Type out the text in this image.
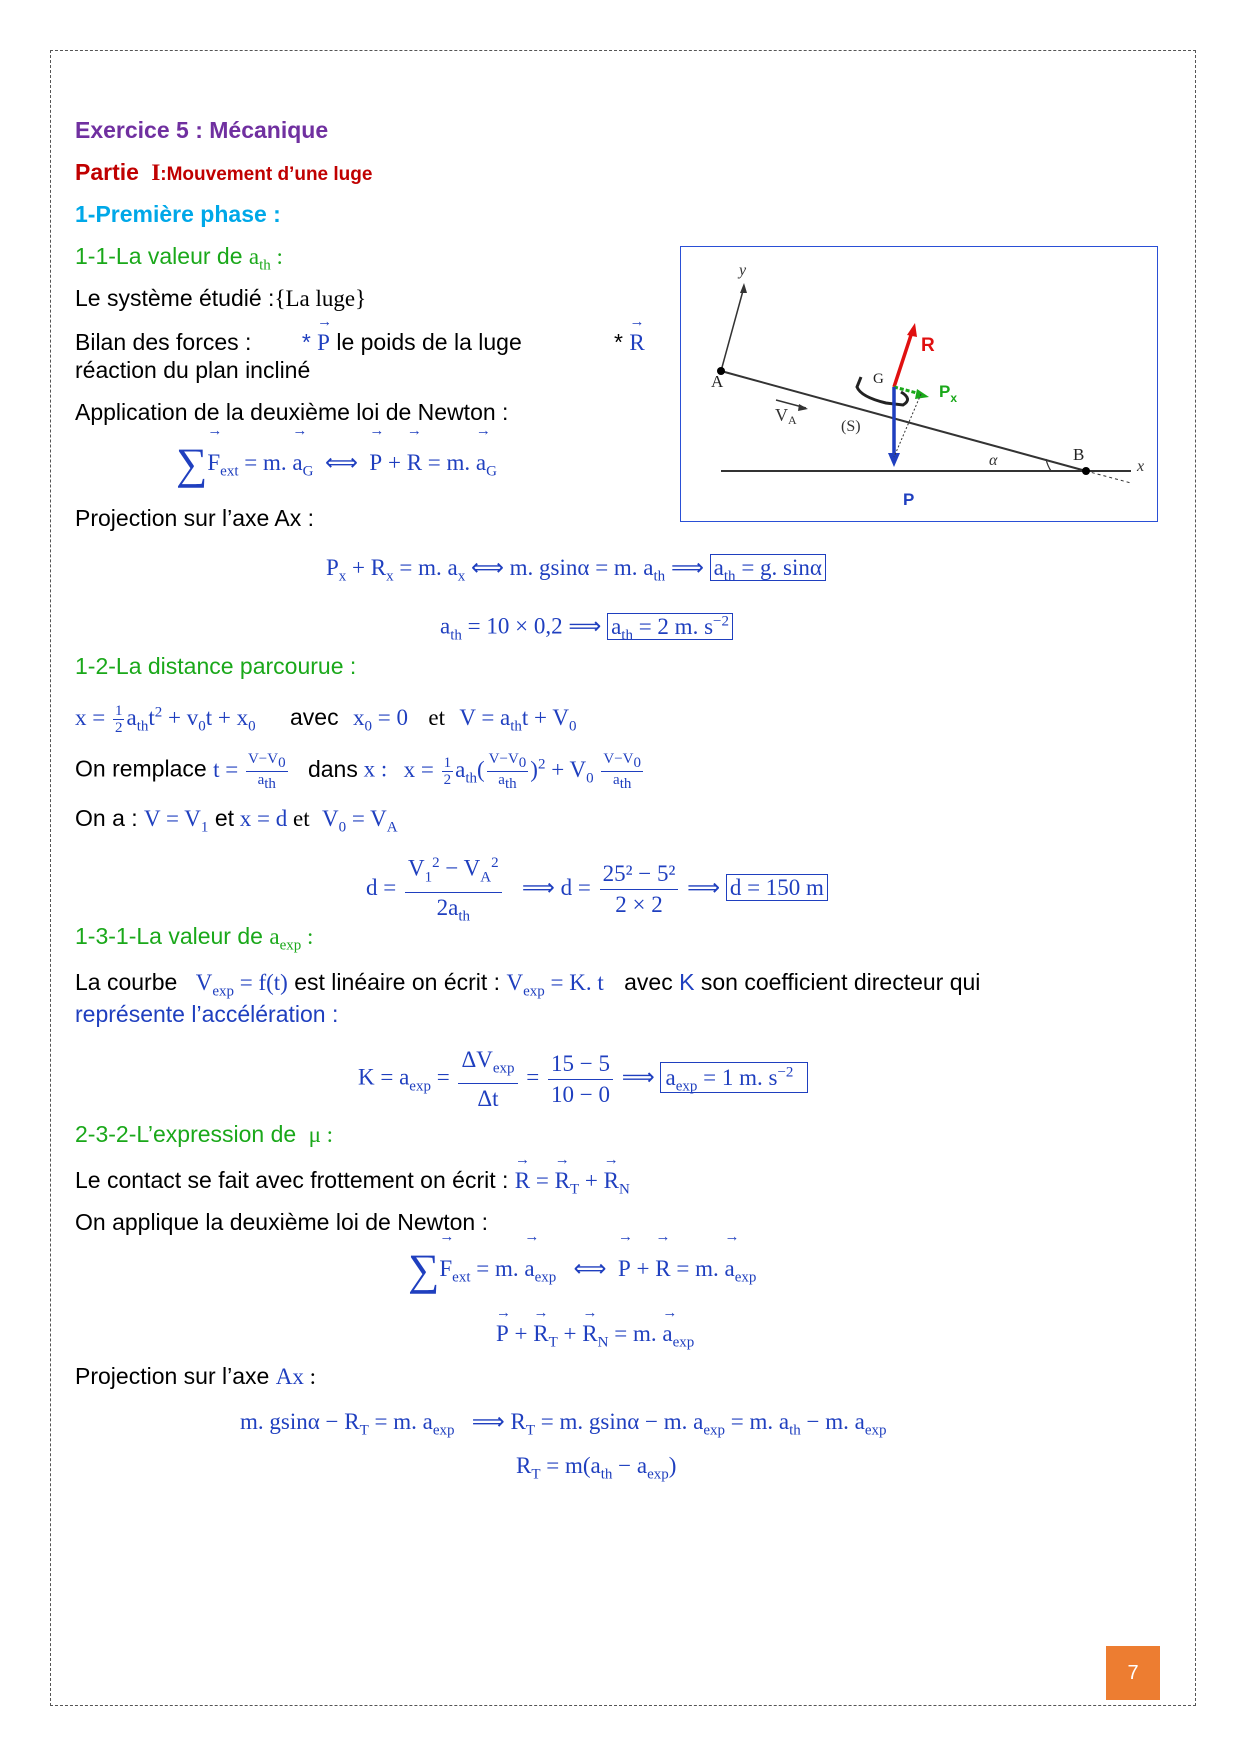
Exercice 5 : Mécanique
Partie I:Mouvement d’une luge
1-Première phase :
1-1-La valeur de $a_{th}$ :
Le système étudié :{La luge}
Bilan des forces : * → P le poids de la luge	* → R
réaction du plan incliné
Application de la deuxième loi de Newton :
∑→ $F_{ext} = m$. → $a_G$  ⟺  → P + → R = m. → $a_G$
Projection sur l’axe Ax :
$P_x + R_x = m$. $a_x$ ⟺ m. gsinα = m. $a_{th}$ ⟹ $a_{th} = g$. sinα
$a_{th} = 10 \times 0,2$ ⟹ $a_{th} = 2$ m. $s^{-2}$
1-2-La distance parcourue :
$x = \frac{1}{2} a_{th}t^2 + v_0t + x_0$ avec $x_0 = 0$ et $V = a_{th}t + V_0$
On remplace $t = V-V_0$
$a_{th}$
dans x : $x = \frac{1}{2} a_{th}$( $V-V_0$
$a_{th}$
)$^2 + V_0$
$V-V_0$
$a_{th}$
On a : $V = V_1$ et x = d et $V_0 = V_A$
$d = \frac{V_1^2 - V_A^2}{2a_{th}}$ ⟹ $d = \frac{\text{25² − 5²}}{2 \times 2}$ ⟹ d = 150 m
1-3-1-La valeur de $a_{exp}$ :
La courbe $V_{exp} = f(t)$ est linéaire on écrit : $V_{exp} = K$. t avec K son coefficient directeur qui
représente l’accélération :
$K = a_{exp} = \frac{\Delta V_{exp}}{\Delta t} = \frac{15 - 5}{10 - 0}$ ⟹ $a_{exp} = 1$ m. $s^{-2}$
2-3-2-L’expression de μ :
Le contact se fait avec frottement on écrit : → R = → $R_T$ + → $R_N$
On applique la deuxième loi de Newton :
∑→ $F_{ext} = m$. → $a_{exp}$   ⟺  → P + → R = m. → $a_{exp}$
→ P + → $R_T$ + → $R_N = m$. → $a_{exp}$
Projection sur l’axe Ax :
m. $gsin\alpha - R_T = m$. $a_{exp}$   ⟹ $R_T = m$. gsinα − m. $a_{exp} = m$. $a_{th} - m$. $a_{exp}$
$R_T = m(a_{th} - a_{exp})$
y
x
A
B
G
(S)
VA
α
R
P
$P_x$
7
